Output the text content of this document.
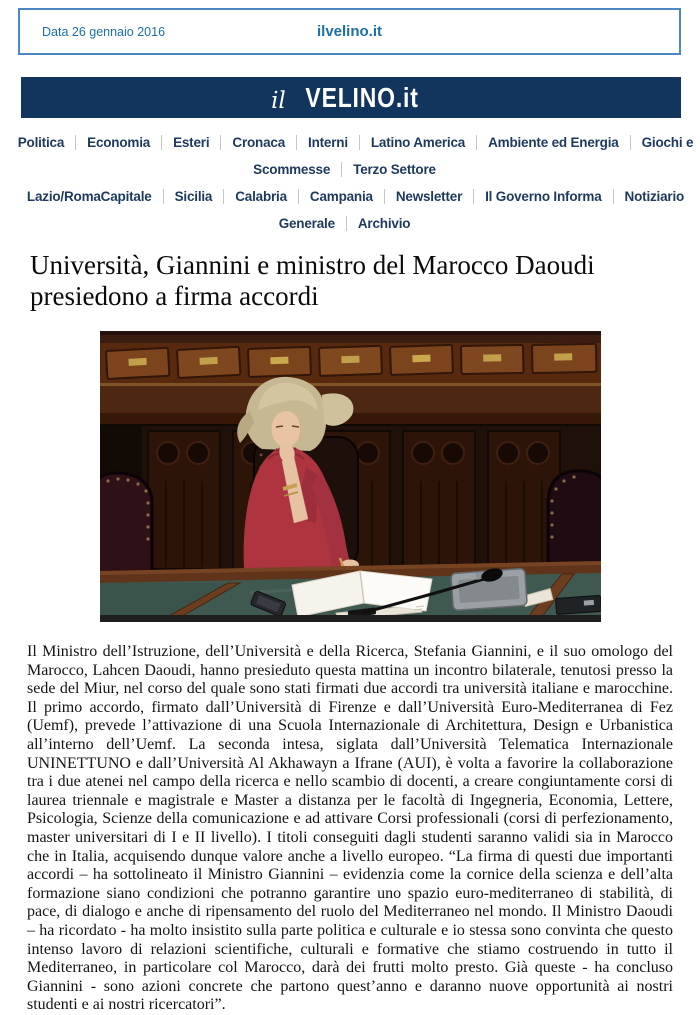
Data 26 gennaio 2016	ilvelino.it
il VELINO.it
Politica Economia Esteri Cronaca Interni Latino America Ambiente ed Energia Giochi e Scommesse Terzo Settore
Lazio/RomaCapitale Sicilia Calabria Campania Newsletter Il Governo Informa Notiziario Generale Archivio
Università, Giannini e ministro del Marocco Daoudi presiedono a firma accordi

Il Ministro dell’Istruzione, dell’Università e della Ricerca, Stefania Giannini, e il suo omologo del Marocco, Lahcen Daoudi, hanno presieduto questa mattina un incontro bilaterale, tenutosi presso la sede del Miur, nel corso del quale sono stati firmati due accordi tra università italiane e marocchine. Il primo accordo, firmato dall’Università di Firenze e dall’Università Euro-Mediterranea di Fez (Uemf), prevede l’attivazione di una Scuola Internazionale di Architettura, Design e Urbanistica all’interno dell’Uemf. La seconda intesa, siglata dall’Università Telematica Internazionale UNINETTUNO e dall’Università Al Akhawayn a Ifrane (AUI), è volta a favorire la collaborazione tra i due atenei nel campo della ricerca e nello scambio di docenti, a creare congiuntamente corsi di laurea triennale e magistrale e Master a distanza per le facoltà di Ingegneria, Economia, Lettere, Psicologia, Scienze della comunicazione e ad attivare Corsi professionali (corsi di perfezionamento, master universitari di I e II livello). I titoli conseguiti dagli studenti saranno validi sia in Marocco che in Italia, acquisendo dunque valore anche a livello europeo. “La firma di questi due importanti accordi – ha sottolineato il Ministro Giannini – evidenzia come la cornice della scienza e dell’alta formazione siano condizioni che potranno garantire uno spazio euro-mediterraneo di stabilità, di pace, di dialogo e anche di ripensamento del ruolo del Mediterraneo nel mondo. Il Ministro Daoudi – ha ricordato - ha molto insistito sulla parte politica e culturale e io stessa sono convinta che questo intenso lavoro di relazioni scientifiche, culturali e formative che stiamo costruendo in tutto il Mediterraneo, in particolare col Marocco, darà dei frutti molto presto. Già queste - ha concluso Giannini - sono azioni concrete che partono quest’anno e daranno nuove opportunità ai nostri studenti e ai nostri ricercatori”.
